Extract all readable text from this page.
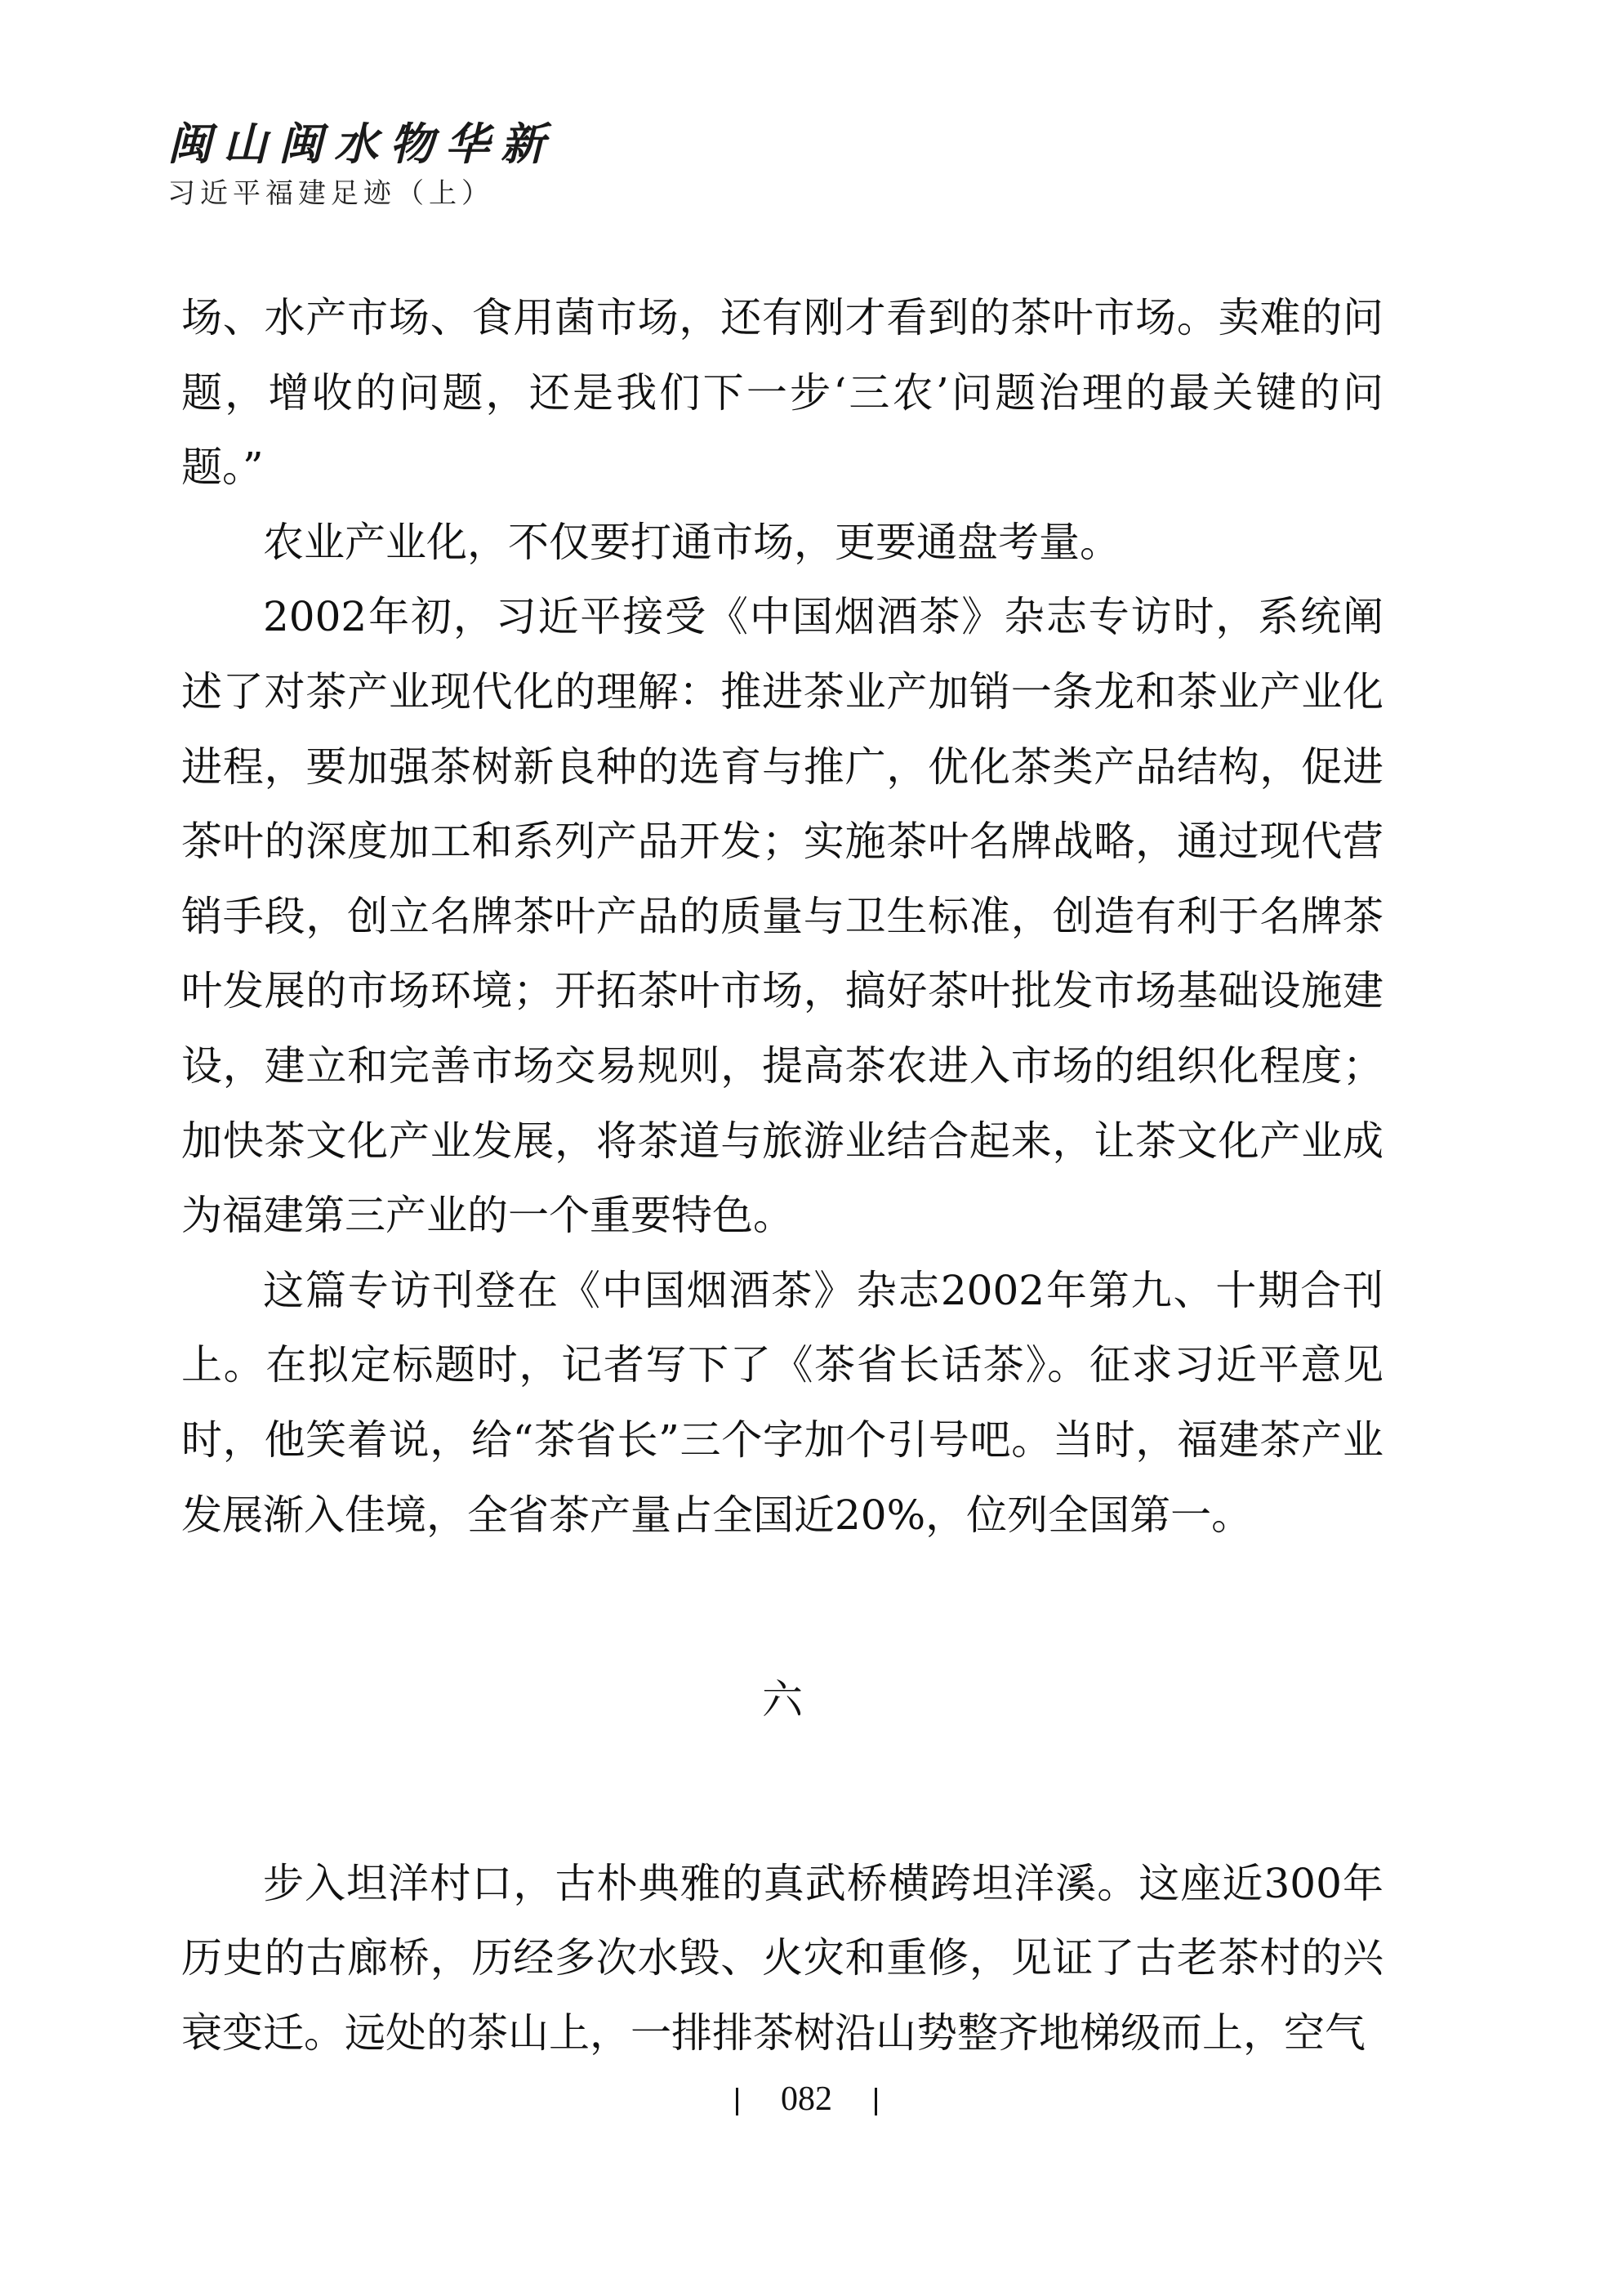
闽山闽水物华新
习近平福建足迹（上）

场、水产市场、食用菌市场，还有刚才看到的茶叶市场。卖难的问题，增收的问题，还是我们下一步‘三农’问题治理的最关键的问题。”

农业产业化，不仅要打通市场，更要通盘考量。

2002年初，习近平接受《中国烟酒茶》杂志专访时，系统阐述了对茶产业现代化的理解：推进茶业产加销一条龙和茶业产业化进程，要加强茶树新良种的选育与推广，优化茶类产品结构，促进茶叶的深度加工和系列产品开发；实施茶叶名牌战略，通过现代营销手段，创立名牌茶叶产品的质量与卫生标准，创造有利于名牌茶叶发展的市场环境；开拓茶叶市场，搞好茶叶批发市场基础设施建设，建立和完善市场交易规则，提高茶农进入市场的组织化程度；加快茶文化产业发展，将茶道与旅游业结合起来，让茶文化产业成为福建第三产业的一个重要特色。

这篇专访刊登在《中国烟酒茶》杂志2002年第九、十期合刊上。在拟定标题时，记者写下了《茶省长话茶》。征求习近平意见时，他笑着说，给“茶省长”三个字加个引号吧。当时，福建茶产业发展渐入佳境，全省茶产量占全国近20%，位列全国第一。

六

步入坦洋村口，古朴典雅的真武桥横跨坦洋溪。这座近300年历史的古廊桥，历经多次水毁、火灾和重修，见证了古老茶村的兴衰变迁。远处的茶山上，一排排茶树沿山势整齐地梯级而上，空气

082
